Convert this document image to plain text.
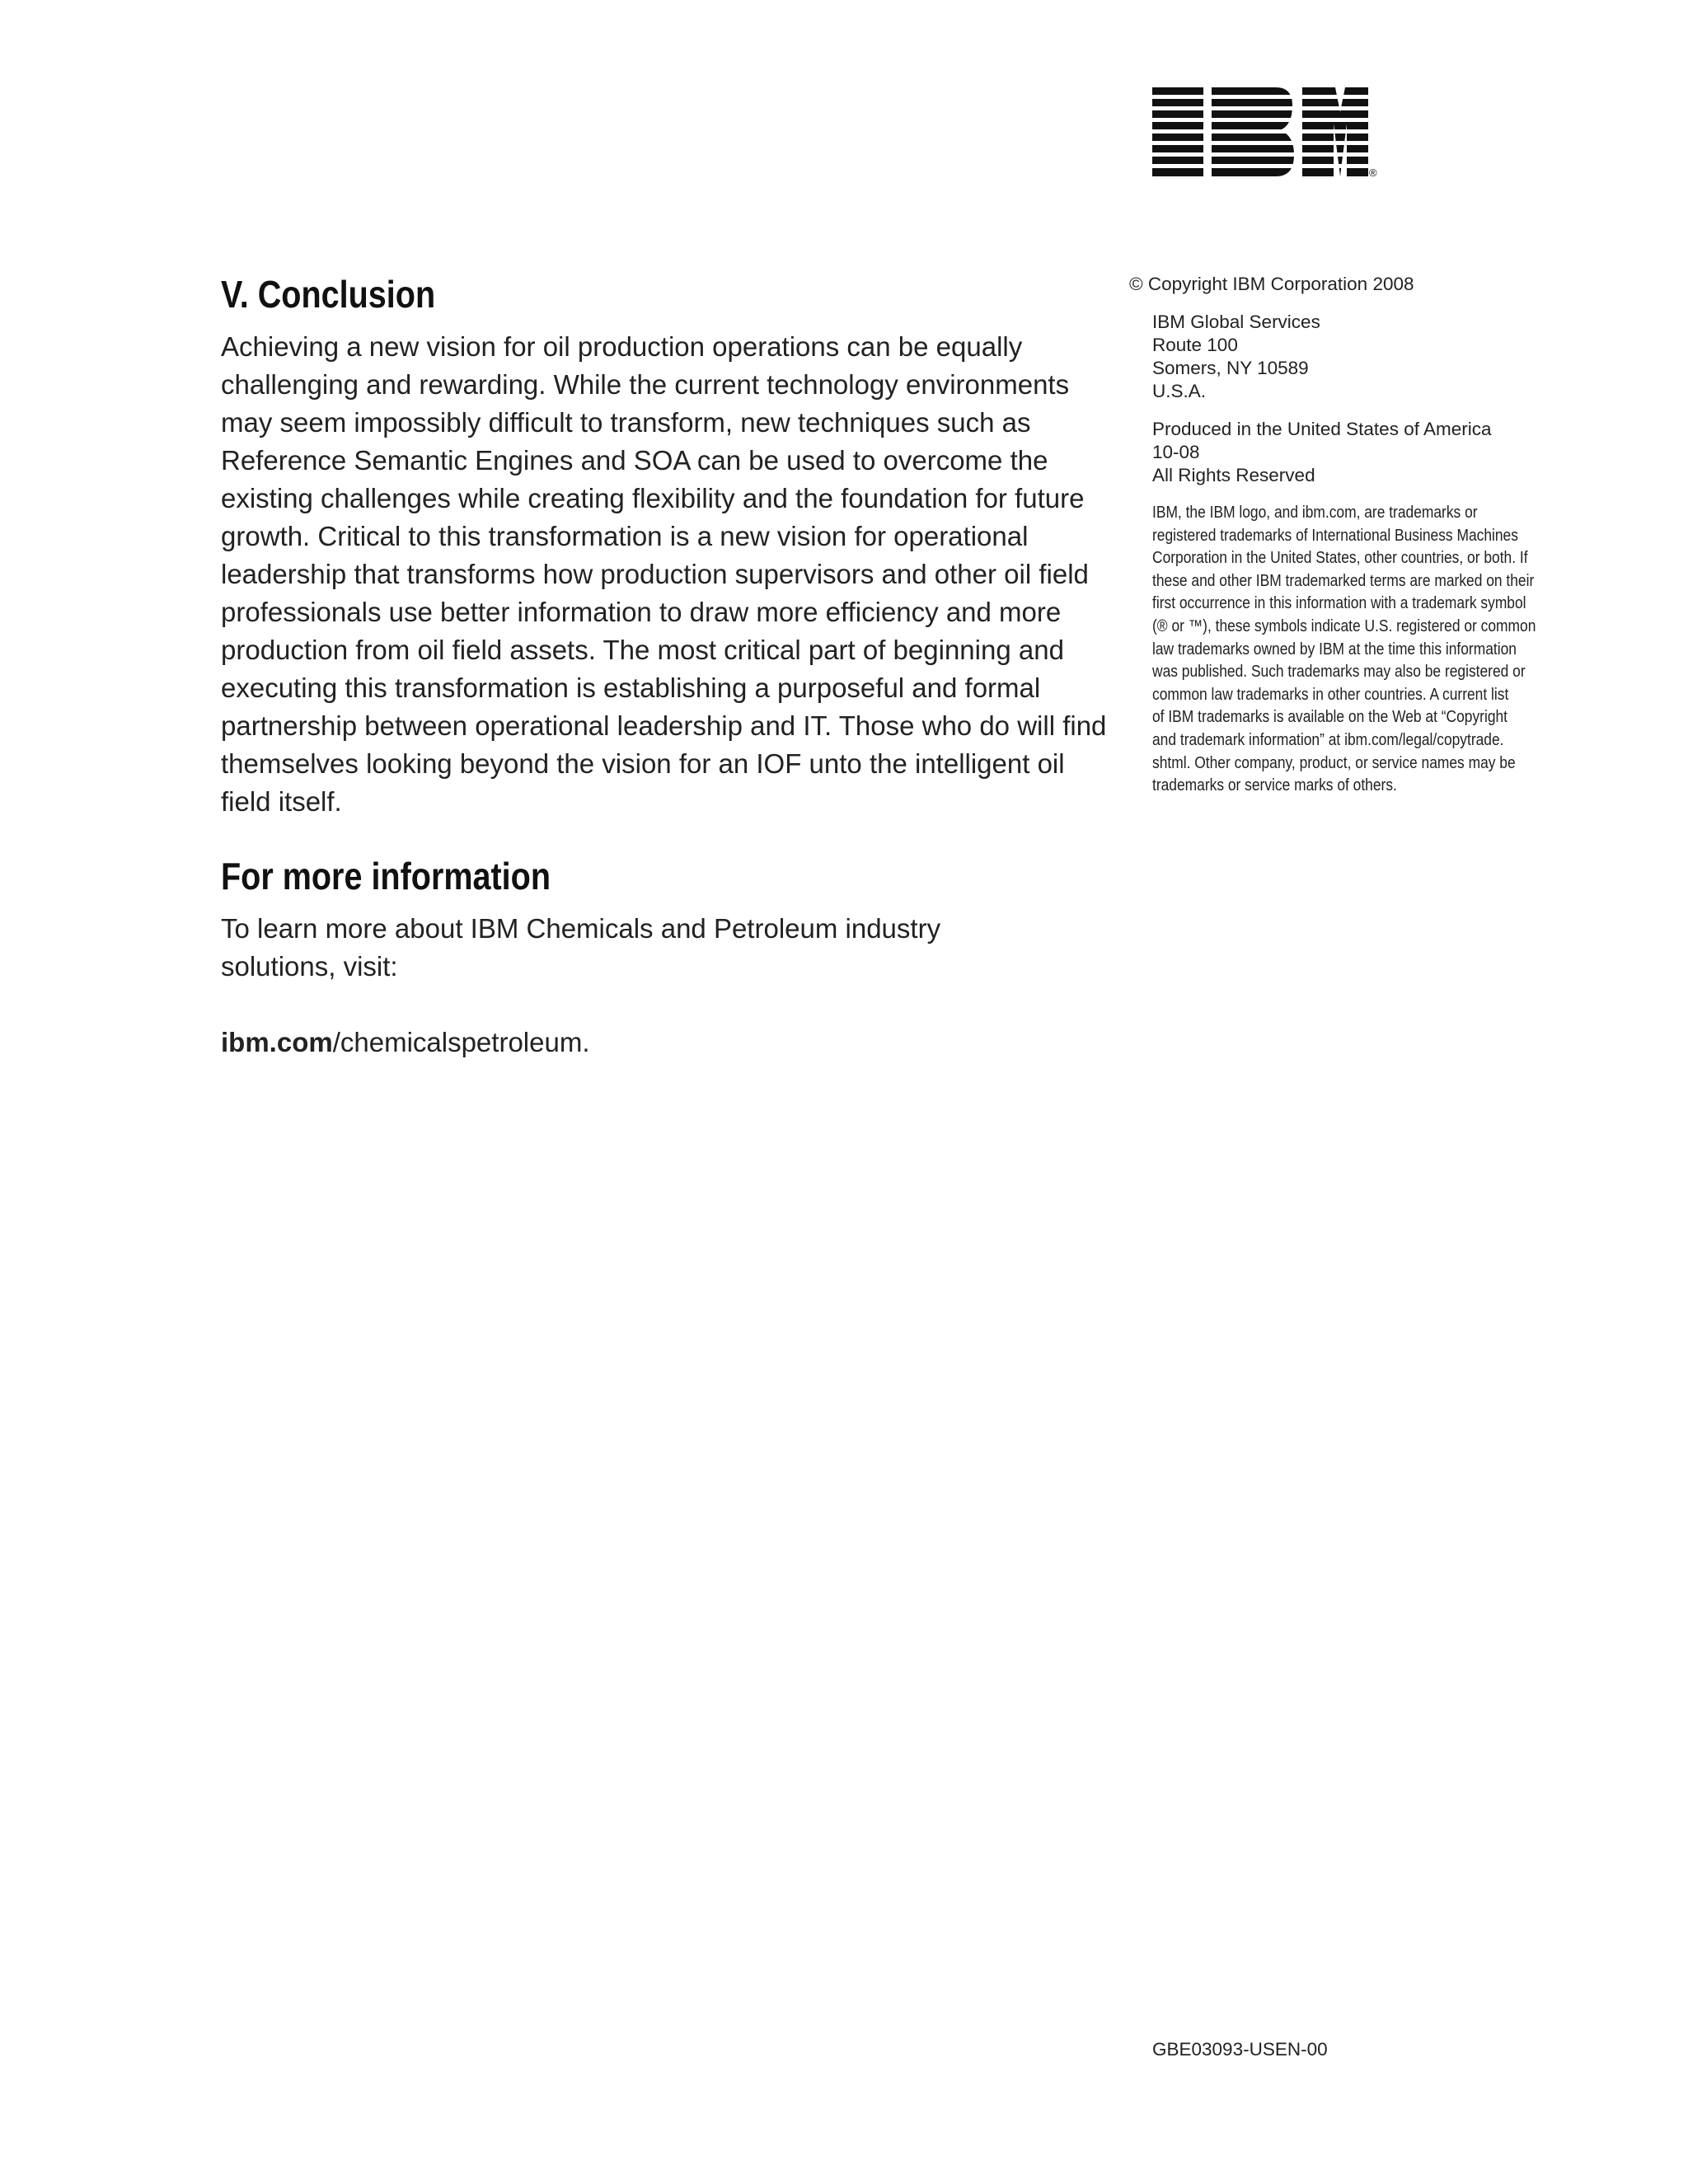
®
V. Conclusion

Achieving a new vision for oil production operations can be equally challenging and rewarding. While the current technology environments may seem impossibly difficult to transform, new techniques such as Reference Semantic Engines and SOA can be used to overcome the existing challenges while creating flexibility and the foundation for future growth. Critical to this transformation is a new vision for operational leadership that transforms how production supervisors and other oil field professionals use better information to draw more efficiency and more production from oil field assets. The most critical part of beginning and executing this transformation is establishing a purposeful and formal partnership between operational leadership and IT. Those who do will find themselves looking beyond the vision for an IOF unto the intelligent oil field itself.

For more information

To learn more about IBM Chemicals and Petroleum industry solutions, visit:

ibm.com/chemicalspetroleum.

© Copyright IBM Corporation 2008

IBM Global Services
Route 100
Somers, NY 10589
U.S.A.
Produced in the United States of America
10-08
All Rights Reserved
IBM, the IBM logo, and ibm.com, are trademarks or
registered trademarks of International Business Machines
Corporation in the United States, other countries, or both. If
these and other IBM trademarked terms are marked on their
first occurrence in this information with a trademark symbol
(® or ™), these symbols indicate U.S. registered or common
law trademarks owned by IBM at the time this information
was published. Such trademarks may also be registered or
common law trademarks in other countries. A current list
of IBM trademarks is available on the Web at “Copyright
and trademark information” at ibm.com/legal/copytrade.
shtml. Other company, product, or service names may be
trademarks or service marks of others.
GBE03093-USEN-00
